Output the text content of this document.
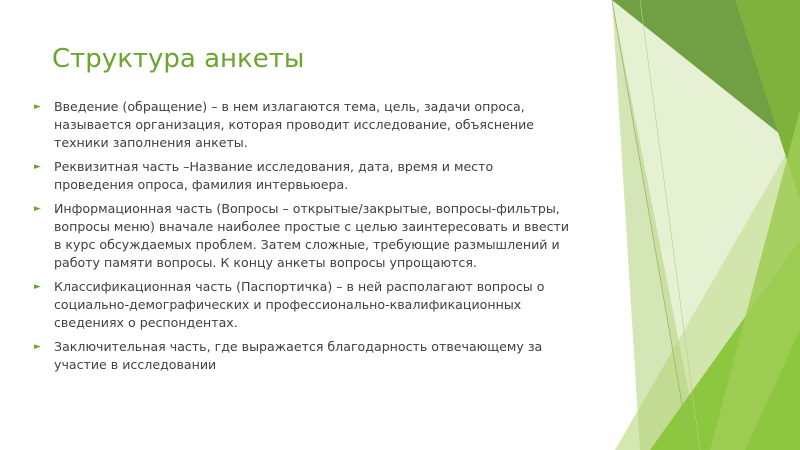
Структура анкеты
► Введение (обращение) – в нем излагаются тема, цель, задачи опроса, называется организация, которая проводит исследование, объяснение техники заполнения анкеты.
► Реквизитная часть –Название исследования, дата, время и место проведения опроса, фамилия интервьюера.
► Информационная часть (Вопросы – открытые/закрытые, вопросы-фильтры, вопросы меню) вначале наиболее простые с целью заинтересовать и ввести в курс обсуждаемых проблем. Затем сложные, требующие размышлений и работу памяти вопросы. К концу анкеты вопросы упрощаются.
► Классификационная часть (Паспортичка) – в ней располагают вопросы о социально-демографических и профессионально-квалификационных сведениях о респондентах.
► Заключительная часть, где выражается благодарность отвечающему за участие в исследовании
